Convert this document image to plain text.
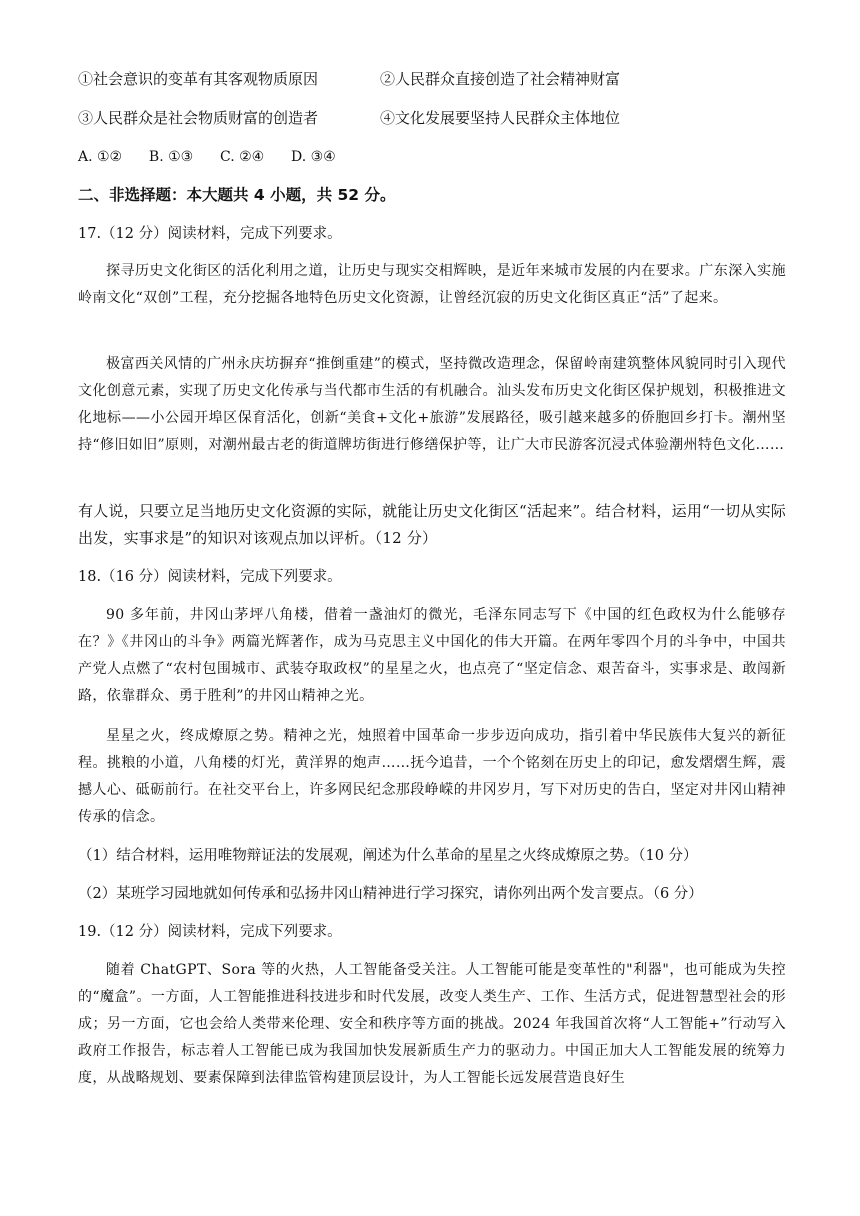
①社会意识的变革有其客观物质原因	②人民群众直接创造了社会精神财富
③人民群众是社会物质财富的创造者	④文化发展要坚持人民群众主体地位
A. ①② B. ①③ C. ②④ D. ③④
二、非选择题：本大题共 4 小题，共 52 分。
17.（12 分）阅读材料，完成下列要求。
探寻历史文化街区的活化利用之道，让历史与现实交相辉映，是近年来城市发展的内在要求。广东深入实施岭南文化“双创”工程，充分挖掘各地特色历史文化资源，让曾经沉寂的历史文化街区真正“活”了起来。
极富西关风情的广州永庆坊摒弃“推倒重建”的模式，坚持微改造理念，保留岭南建筑整体风貌同时引入现代文化创意元素，实现了历史文化传承与当代都市生活的有机融合。汕头发布历史文化街区保护规划，积极推进文化地标——小公园开埠区保育活化，创新“美食+文化+旅游”发展路径，吸引越来越多的侨胞回乡打卡。潮州坚持“修旧如旧”原则，对潮州最古老的街道牌坊街进行修缮保护等，让广大市民游客沉浸式体验潮州特色文化……
有人说，只要立足当地历史文化资源的实际，就能让历史文化街区“活起来”。结合材料，运用“一切从实际出发，实事求是”的知识对该观点加以评析。（12 分）
18.（16 分）阅读材料，完成下列要求。
90 多年前，井冈山茅坪八角楼，借着一盏油灯的微光，毛泽东同志写下《中国的红色政权为什么能够存在？》《井冈山的斗争》两篇光辉著作，成为马克思主义中国化的伟大开篇。在两年零四个月的斗争中，中国共产党人点燃了“农村包围城市、武装夺取政权”的星星之火，也点亮了“坚定信念、艰苦奋斗，实事求是、敢闯新路，依靠群众、勇于胜利”的井冈山精神之光。
星星之火，终成燎原之势。精神之光，烛照着中国革命一步步迈向成功，指引着中华民族伟大复兴的新征程。挑粮的小道，八角楼的灯光，黄洋界的炮声……抚今追昔，一个个铭刻在历史上的印记，愈发熠熠生辉，震撼人心、砥砺前行。在社交平台上，许多网民纪念那段峥嵘的井冈岁月，写下对历史的告白，坚定对井冈山精神传承的信念。
（1）结合材料，运用唯物辩证法的发展观，阐述为什么革命的星星之火终成燎原之势。（10 分）
（2）某班学习园地就如何传承和弘扬井冈山精神进行学习探究，请你列出两个发言要点。（6 分）
19.（12 分）阅读材料，完成下列要求。
随着 ChatGPT、Sora 等的火热，人工智能备受关注。人工智能可能是变革性的"利器"，也可能成为失控的“魔盒”。一方面，人工智能推进科技进步和时代发展，改变人类生产、工作、生活方式，促进智慧型社会的形成；另一方面，它也会给人类带来伦理、安全和秩序等方面的挑战。2024 年我国首次将“人工智能+”行动写入政府工作报告，标志着人工智能已成为我国加快发展新质生产力的驱动力。中国正加大人工智能发展的统筹力度，从战略规划、要素保障到法律监管构建顶层设计，为人工智能长远发展营造良好生
